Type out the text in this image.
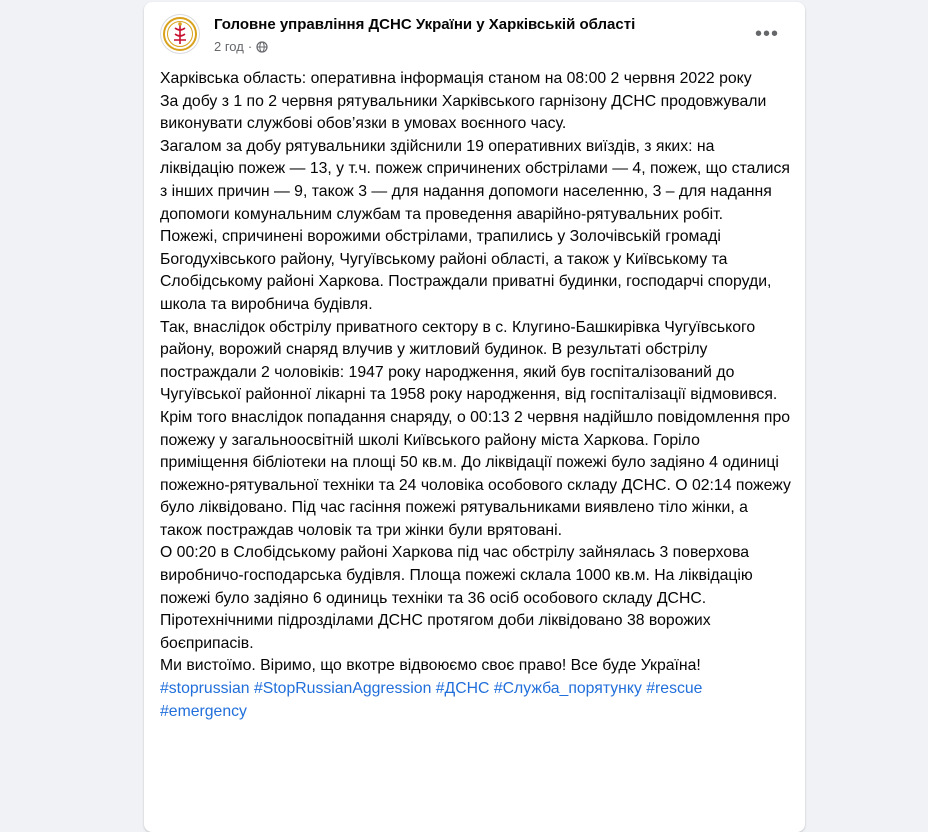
Головне управління ДСНС України у Харківській області
2 год ·
•••

Харківська область: оперативна інформація станом на 08:00 2 червня 2022 року

За добу з 1 по 2 червня рятувальники Харківського гарнізону ДСНС продовжували виконувати службові обов’язки в умовах воєнного часу.

Загалом за добу рятувальники здійснили 19 оперативних виїздів, з яких: на ліквідацію пожеж — 13, у т.ч. пожеж спричинених обстрілами — 4, пожеж, що сталися з інших причин — 9, також 3 — для надання допомоги населенню, 3 – для надання допомоги комунальним службам та проведення аварійно-рятувальних робіт.

Пожежі, спричинені ворожими обстрілами, трапились у Золочівській громаді Богодухівського району, Чугуївському районі області, а також у Київському та Слобідському районі Харкова. Постраждали приватні будинки, господарчі споруди, школа та виробнича будівля.

Так, внаслідок обстрілу приватного сектору в с. Клугино-Башкирівка Чугуївського району, ворожий снаряд влучив у житловий будинок. В результаті обстрілу постраждали 2 чоловіків: 1947 року народження, який був госпіталізований до Чугуївської районної лікарні та 1958 року народження, від госпіталізації відмовився.

Крім того внаслідок попадання снаряду, о 00:13 2 червня надійшло повідомлення про пожежу у загальноосвітній школі Київського району міста Харкова. Горіло приміщення бібліотеки на площі 50 кв.м. До ліквідації пожежі було задіяно 4 одиниці пожежно-рятувальної техніки та 24 чоловіка особового складу ДСНС. О 02:14 пожежу було ліквідовано. Під час гасіння пожежі рятувальниками виявлено тіло жінки, а також постраждав чоловік та три жінки були врятовані.

О 00:20 в Слобідському районі Харкова під час обстрілу зайнялась 3 поверхова виробничо-господарська будівля. Площа пожежі склала 1000 кв.м. На ліквідацію пожежі було задіяно 6 одиниць техніки та 36 осіб особового складу ДСНС.

Піротехнічними підрозділами ДСНС протягом доби ліквідовано 38 ворожих боєприпасів.

Ми вистоїмо. Віримо, що вкотре відвоюємо своє право! Все буде Україна!

#stoprussian #StopRussianAggression #ДСНС #Служба_порятунку #rescue #emergency
